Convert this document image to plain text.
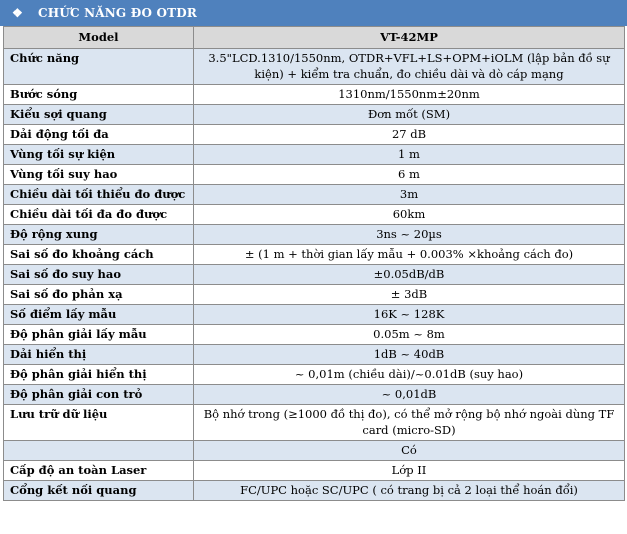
❖	CHỨC NĂNG ĐO OTDR
Model	VT-42MP
Chức năng	3.5"LCD.1310/1550nm, OTDR+VFL+LS+OPM+iOLM (lập bản đồ sự kiện) + kiểm tra chuẩn, đo chiều dài và dò cáp mạng
Bước sóng	1310nm/1550nm±20nm
Kiểu sợi quang	Đơn mốt (SM)
Dải động tối đa	27 dB
Vùng tối sự kiện	1 m
Vùng tối suy hao	6 m
Chiều dài tối thiểu đo được	3m
Chiều dài tối đa đo được	60km
Độ rộng xung	3ns ~ 20µs
Sai số đo khoảng cách	± (1 m + thời gian lấy mẫu + 0.003% ×khoảng cách đo)
Sai số đo suy hao	±0.05dB/dB
Sai số đo phản xạ	± 3dB
Số điểm lấy mẫu	16K ~ 128K
Độ phân giải lấy mẫu	0.05m ~ 8m
Dải hiển thị	1dB ~ 40dB
Độ phân giải hiển thị	~ 0,01m (chiều dài)/~0.01dB (suy hao)
Độ phân giải con trỏ	~ 0,01dB
Lưu trữ dữ liệu	Bộ nhớ trong (≥1000 đồ thị đo), có thể mở rộng bộ nhớ ngoài dùng TF card (micro-SD)
	Có
Cấp độ an toàn Laser	Lớp II
Cổng kết nối quang	FC/UPC hoặc SC/UPC ( có trang bị cả 2 loại thể hoán đổi)
